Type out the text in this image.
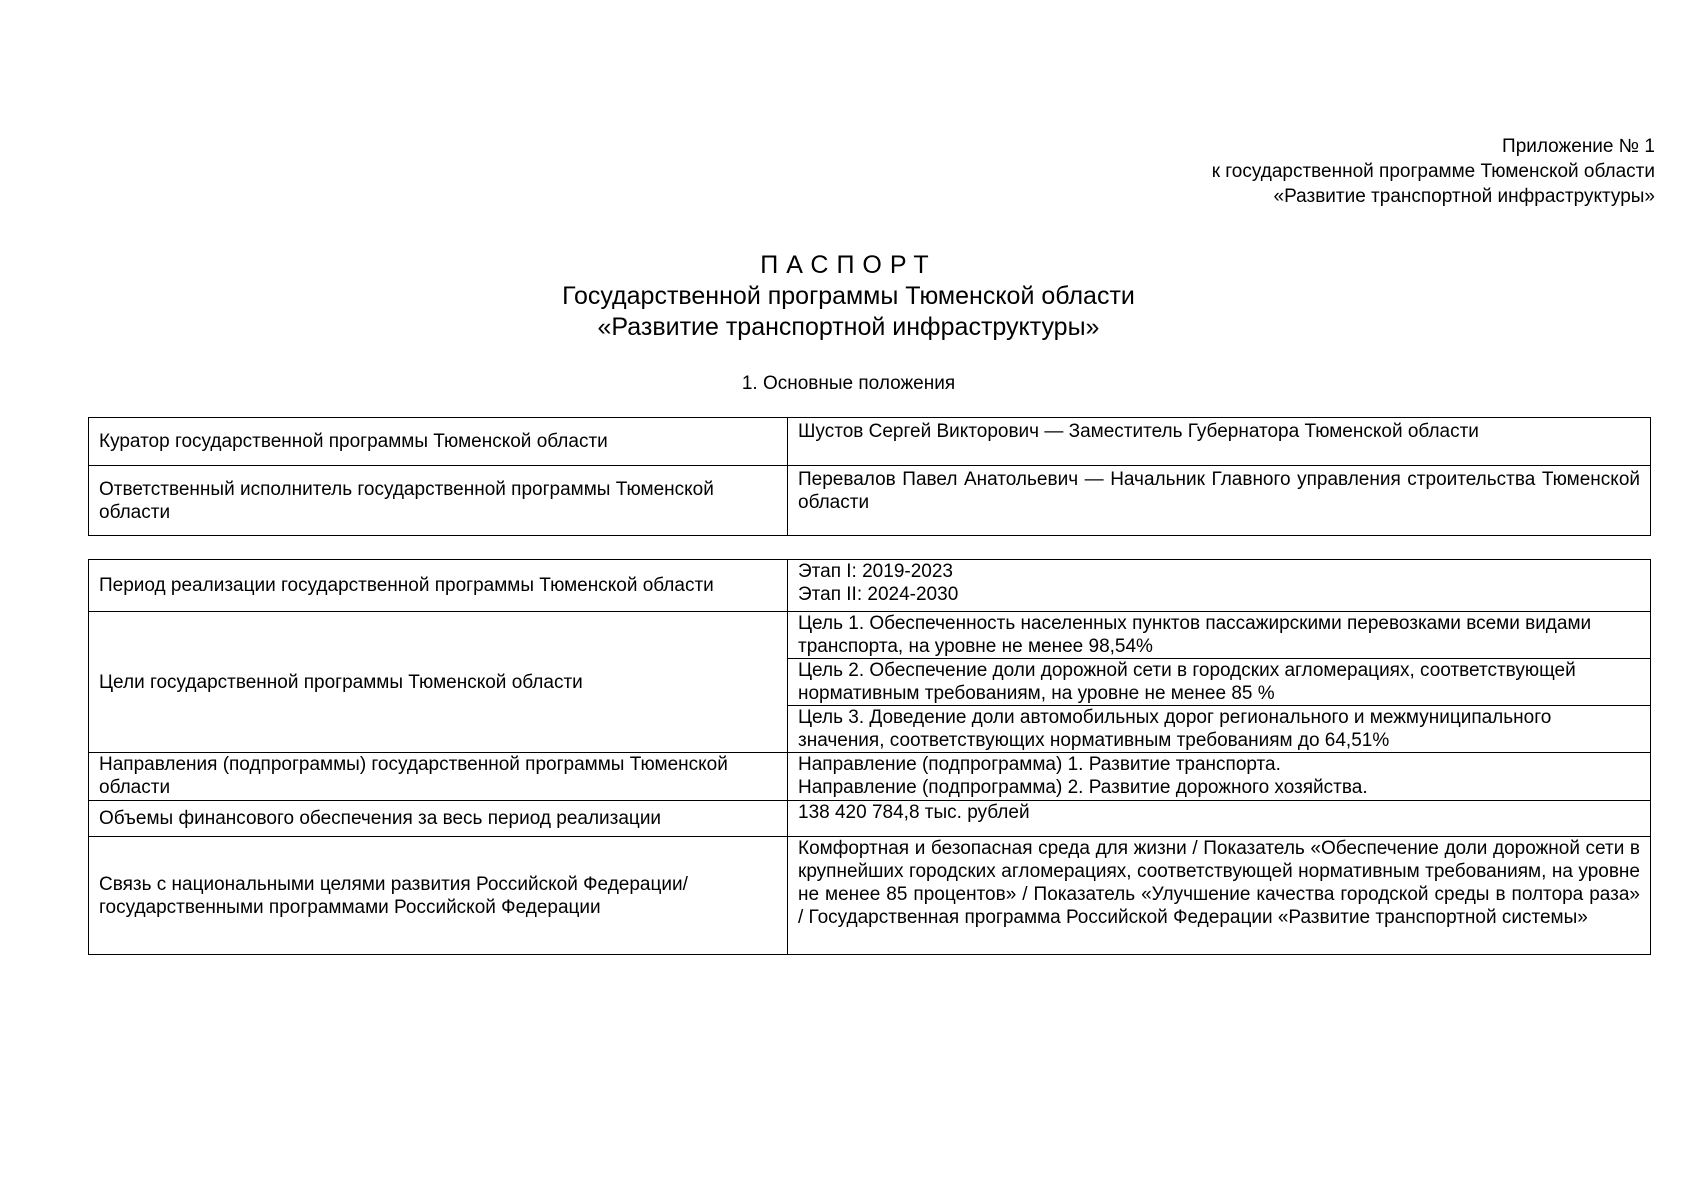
Приложение № 1
к государственной программе Тюменской области
«Развитие транспортной инфраструктуры»
ПАСПОРТ
Государственной программы Тюменской области
«Развитие транспортной инфраструктуры»
1. Основные положения
Куратор государственной программы Тюменской области	Шустов Сергей Викторович — Заместитель Губернатора Тюменской области
Ответственный исполнитель государственной программы Тюменской области	Перевалов Павел Анатольевич — Начальник Главного управления строительства Тюменской области
Период реализации государственной программы Тюменской области	Этап I: 2019-2023
Этап II: 2024-2030

Цели государственной программы Тюменской области	Цель 1. Обеспеченность населенных пунктов пассажирскими перевозками всеми видами транспорта, на уровне не менее 98,54%
	Цель 2. Обеспечение доли дорожной сети в городских агломерациях, соответствующей нормативным требованиям, на уровне не менее 85 %
	Цель 3. Доведение доли автомобильных дорог регионального и межмуниципального значения, соответствующих нормативным требованиям до 64,51%
Направления (подпрограммы) государственной программы Тюменской области	Направление (подпрограмма) 1. Развитие транспорта.
Направление (подпрограмма) 2. Развитие дорожного хозяйства.

Объемы финансового обеспечения за весь период реализации	138 420 784,8 тыс. рублей
Связь с национальными целями развития Российской Федерации/ государственными программами Российской Федерации	Комфортная и безопасная среда для жизни / Показатель «Обеспечение доли дорожной сети в крупнейших городских агломерациях, соответствующей нормативным требованиям, на уровне не менее 85 процентов» / Показатель «Улучшение качества городской среды в полтора раза» / Государственная программа Российской Федерации «Развитие транспортной системы»
